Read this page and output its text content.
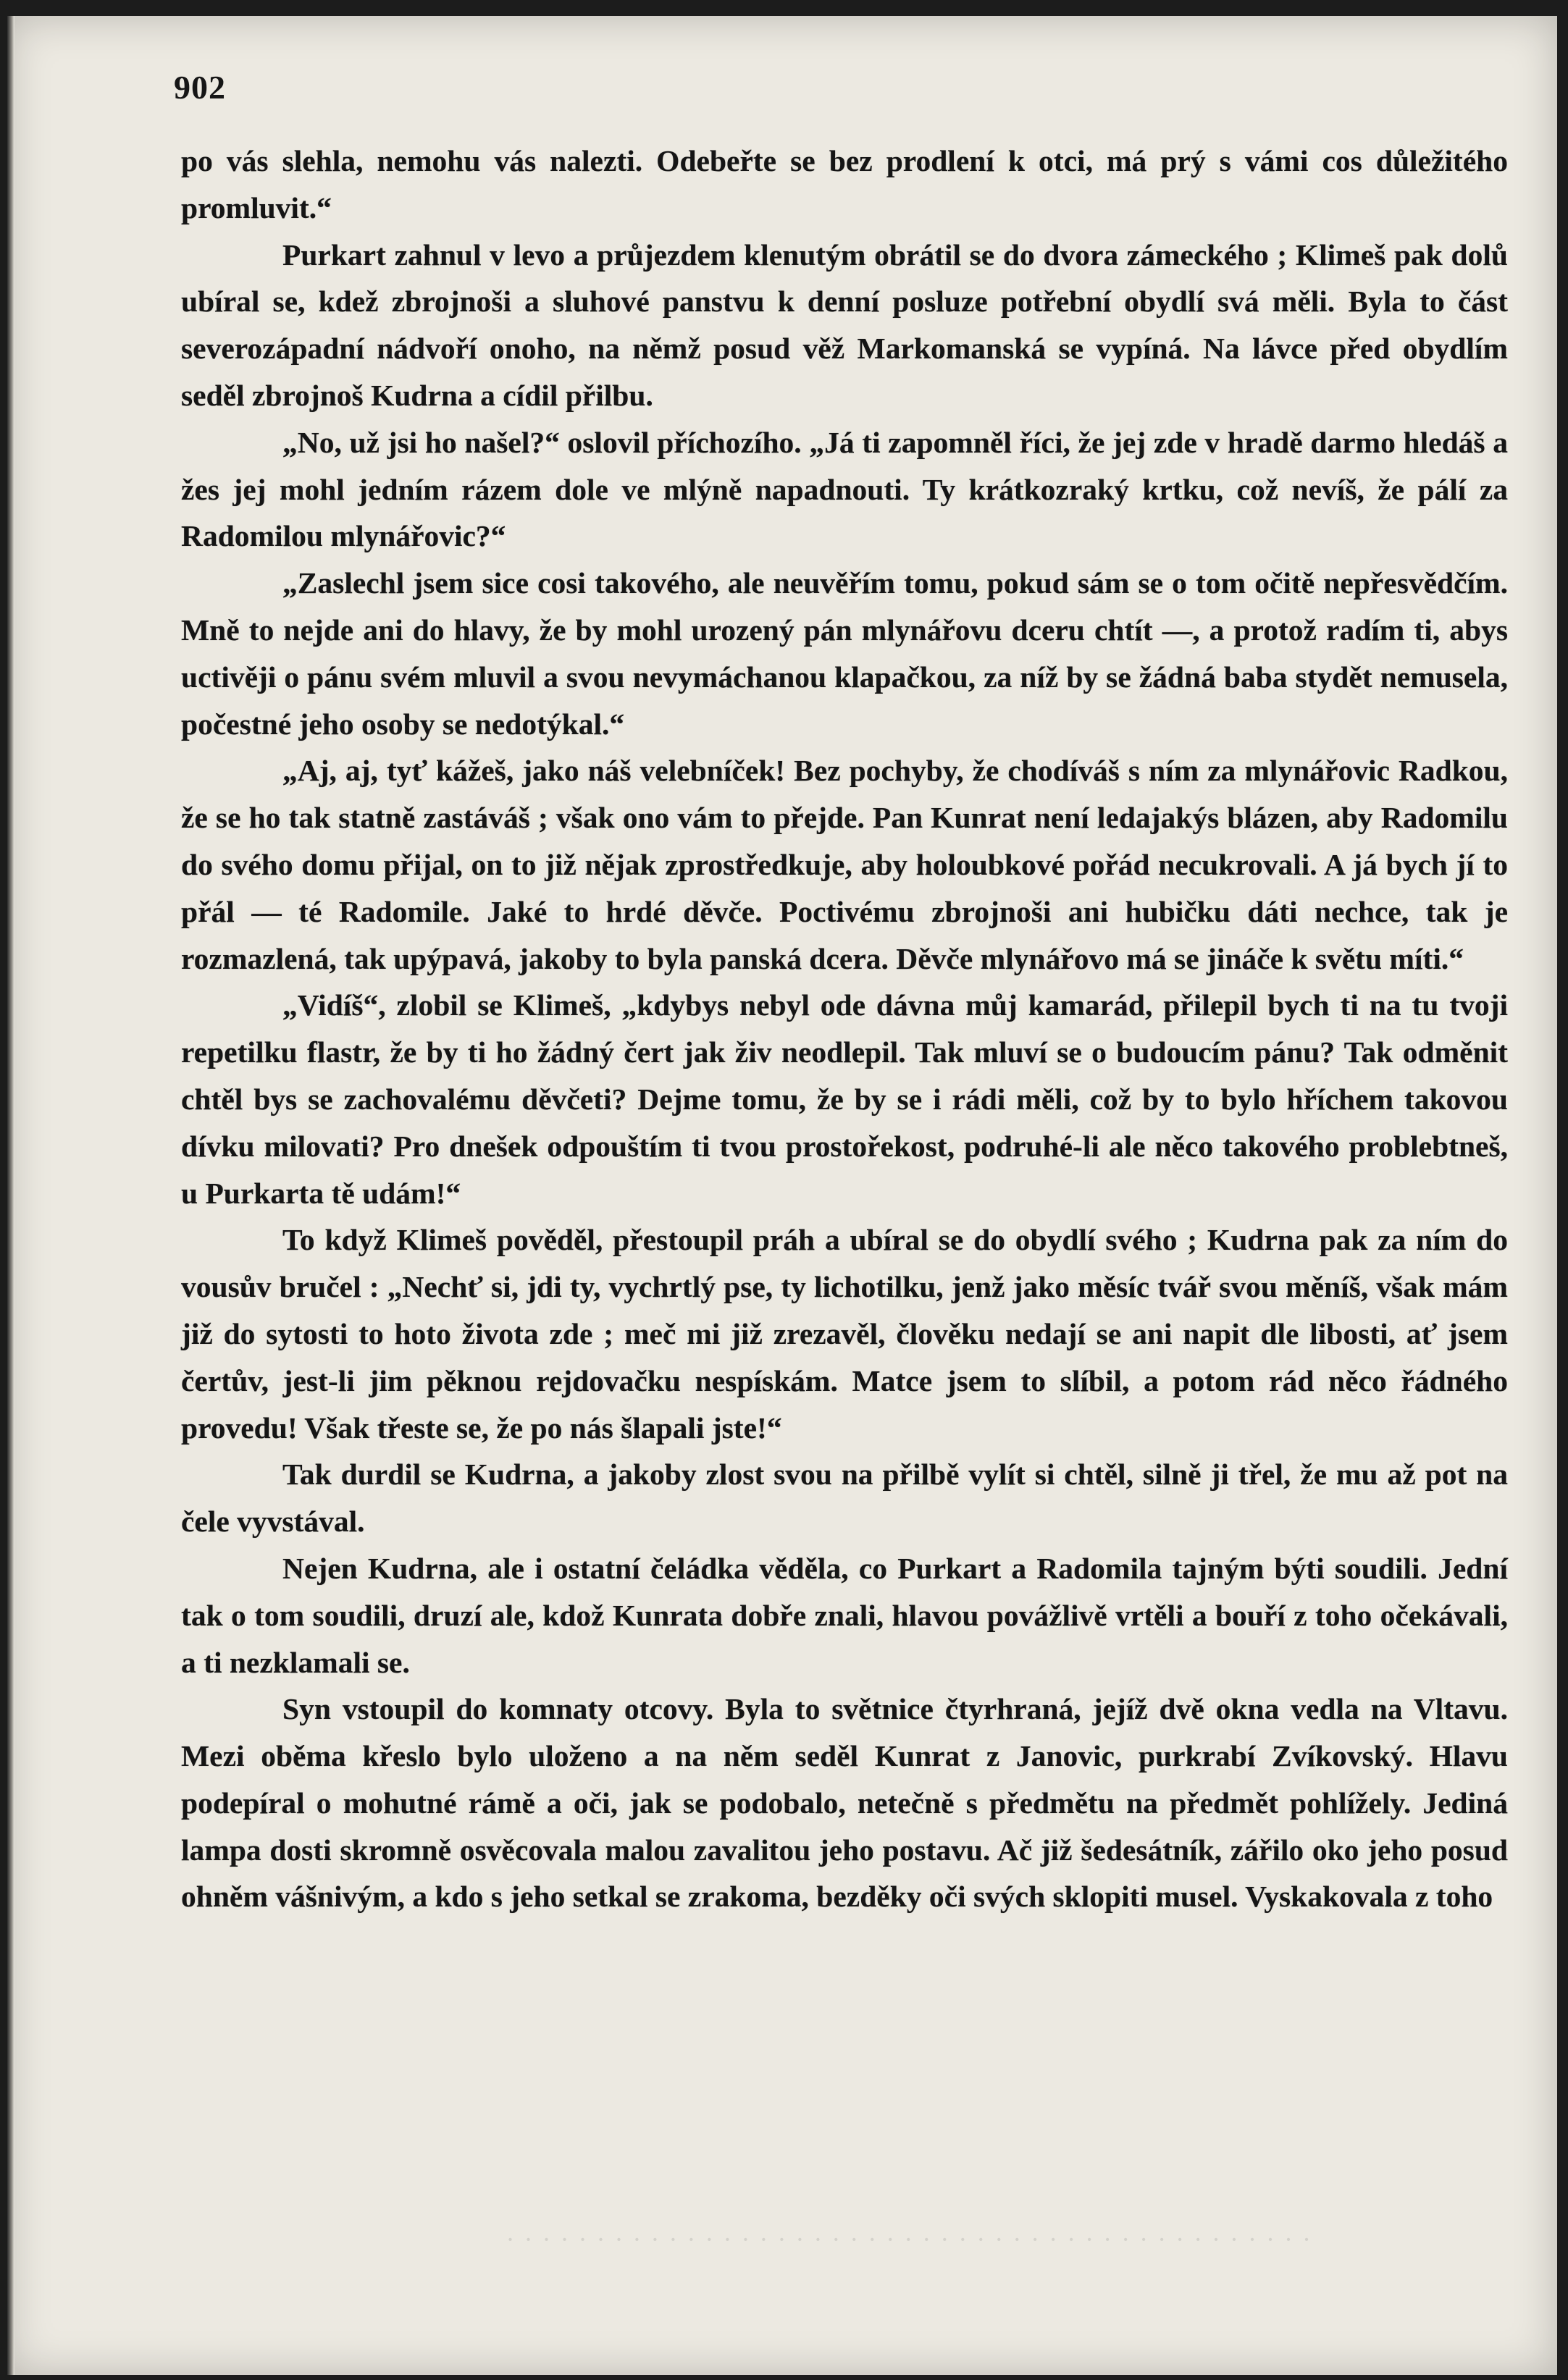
· · · · · · · · · · · · · · · · · · · · · · · · · · · · · · · · · · · · · · · · · · · · ·
902

po vás slehla, nemohu vás nalezti. Odebeřte se bez prodlení k otci, má prý s vámi cos důležitého promluvit.“

Purkart zahnul v levo a průjezdem klenutým obrátil se do dvora zámeckého ; Klimeš pak dolů ubíral se, kdež zbrojnoši a sluhové panstvu k denní posluze potřební obydlí svá měli. Byla to část severozápadní nádvoří onoho, na němž posud věž Markomanská se vypíná. Na lávce před obydlím seděl zbrojnoš Kudrna a cídil přilbu.

„No, už jsi ho našel?“ oslovil příchozího. „Já ti zapomněl říci, že jej zde v hradě darmo hledáš a žes jej mohl jedním rázem dole ve mlýně napadnouti. Ty krátkozraký krtku, což nevíš, že pálí za Radomilou mlynářovic?“

„Zaslechl jsem sice cosi takového, ale neuvěřím tomu, pokud sám se o tom očitě nepřesvědčím. Mně to nejde ani do hlavy, že by mohl urozený pán mlynářovu dceru chtít —, a protož radím ti, abys uctivěji o pánu svém mluvil a svou nevymáchanou klapačkou, za níž by se žádná baba stydět nemusela, počestné jeho osoby se nedotýkal.“

„Aj, aj, tyť kážeš, jako náš velebníček! Bez pochyby, že chodíváš s ním za mlynářovic Radkou, že se ho tak statně zastáváš ; však ono vám to přejde. Pan Kunrat není ledajakýs blázen, aby Radomilu do svého domu přijal, on to již nějak zprostředkuje, aby holoubkové pořád necukrovali. A já bych jí to přál — té Radomile. Jaké to hrdé děvče. Poctivému zbrojnoši ani hubičku dáti nechce, tak je rozmazlená, tak upýpavá, jakoby to byla panská dcera. Děvče mlynářovo má se jináče k světu míti.“

„Vidíš“, zlobil se Klimeš, „kdybys nebyl ode dávna můj kamarád, přilepil bych ti na tu tvoji repetilku flastr, že by ti ho žádný čert jak živ neodlepil. Tak mluví se o budoucím pánu? Tak odměnit chtěl bys se zachovalému děvčeti? Dejme tomu, že by se i rádi měli, což by to bylo hříchem takovou dívku milovati? Pro dnešek odpouštím ti tvou prostořekost, podruhé-li ale něco takového problebtneš, u Purkarta tě udám!“

To když Klimeš pověděl, přestoupil práh a ubíral se do obydlí svého ; Kudrna pak za ním do vousův bručel : „Nechť si, jdi ty, vychrtlý pse, ty lichotilku, jenž jako měsíc tvář svou měníš, však mám již do sytosti to hoto života zde ; meč mi již zrezavěl, člověku nedají se ani napit dle libosti, ať jsem čertův, jest-li jim pěknou rejdovačku nespískám. Matce jsem to slíbil, a potom rád něco řádného provedu! Však třeste se, že po nás šlapali jste!“

Tak durdil se Kudrna, a jakoby zlost svou na přilbě vylít si chtěl, silně ji třel, že mu až pot na čele vyvstával.

Nejen Kudrna, ale i ostatní čeládka věděla, co Purkart a Radomila tajným býti soudili. Jední tak o tom soudili, druzí ale, kdož Kunrata dobře znali, hlavou povážlivě vrtěli a bouří z toho očekávali, a ti nezklamali se.

Syn vstoupil do komnaty otcovy. Byla to světnice čtyrhraná, jejíž dvě okna vedla na Vltavu. Mezi oběma křeslo bylo uloženo a na něm seděl Kunrat z Janovic, purkrabí Zvíkovský. Hlavu podepíral o mohutné rámě a oči, jak se podobalo, netečně s předmětu na předmět pohlížely. Jediná lampa dosti skromně osvěcovala malou zavalitou jeho postavu. Ač již šedesátník, zářilo oko jeho posud ohněm vášnivým, a kdo s jeho setkal se zrakoma, bezděky oči svých sklopiti musel. Vyskakovala z toho
